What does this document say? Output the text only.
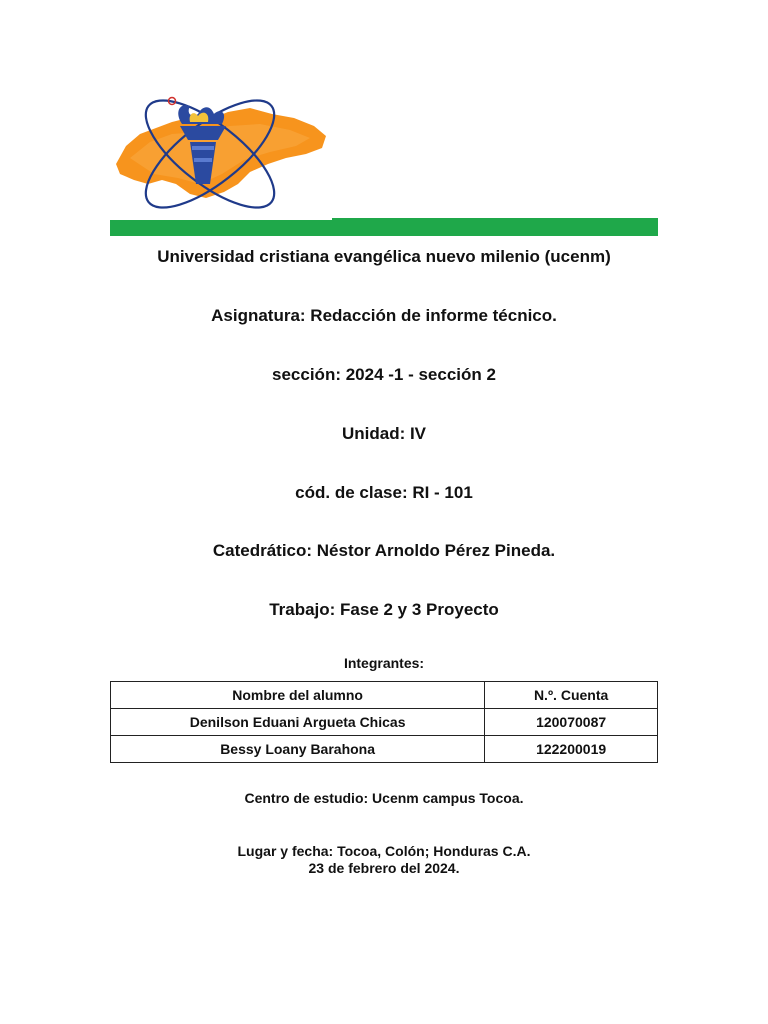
Universidad cristiana evangélica nuevo milenio (ucenm)
Asignatura: Redacción de informe técnico.
sección: 2024 -1 - sección 2
Unidad: IV
cód. de clase: RI - 101
Catedrático: Néstor Arnoldo Pérez Pineda.
Trabajo: Fase 2 y 3 Proyecto
Integrantes:
Nombre del alumno	N.º. Cuenta
Denilson Eduani Argueta Chicas	120070087
Bessy Loany Barahona	122200019
Centro de estudio: Ucenm campus Tocoa.
Lugar y fecha: Tocoa, Colón; Honduras C.A.
23 de febrero del 2024.
